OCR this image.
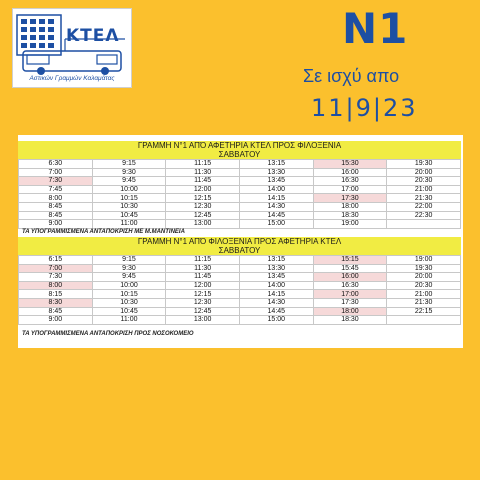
ΚΤΕΛ
Αστικών Γραμμών Καλαμάτας
Ν1
Σε ισχύ απο
11|9|23
ΓΡΑΜΜΗ Ν°1 ΑΠΌ ΑΦΕΤΗΡΙΑ ΚΤΕΛ ΠΡΟΣ ΦΙΛΟΞΕΝΙΑ
ΣΑΒΒΑΤΟΥ
6:30	9:15	11:15	13:15	15:30	19:30
7:00	9:30	11:30	13:30	16:00	20:00
7:30	9:45	11:45	13:45	16:30	20:30
7:45	10:00	12:00	14:00	17:00	21:00
8:00	10:15	12:15	14:15	17:30	21:30
8:45	10:30	12:30	14:30	18:00	22:00
8:45	10:45	12:45	14:45	18:30	22:30
9:00	11:00	13:00	15:00	19:00	
ΤΑ ΥΠΟΓΡΑΜΜΙΣΜΕΝΑ ΑΝΤΑΠΟΚΡΙΣΗ ΜΕ Μ.ΜΑΝΤΙΝΕΙΑ
ΓΡΑΜΜΗ Ν°1 ΑΠΌ ΦΙΛΟΞΕΝΙΑ ΠΡΟΣ ΑΦΕΤΗΡΙΑ ΚΤΕΛ
ΣΑΒΒΑΤΟΥ
6:15	9:15	11:15	13:15	15:15	19:00
7:00	9:30	11:30	13:30	15:45	19:30
7:30	9:45	11:45	13:45	16:00	20:00
8:00	10:00	12:00	14:00	16:30	20:30
8:15	10:15	12:15	14:15	17:00	21:00
8:30	10:30	12:30	14:30	17:30	21:30
8:45	10:45	12:45	14:45	18:00	22:15
9:00	11:00	13:00	15:00	18:30	
ΤΑ ΥΠΟΓΡΑΜΜΙΣΜΕΝΑ ΑΝΤΑΠΟΚΡΙΣΗ ΠΡΟΣ ΝΟΣΟΚΟΜΕΙΟ
